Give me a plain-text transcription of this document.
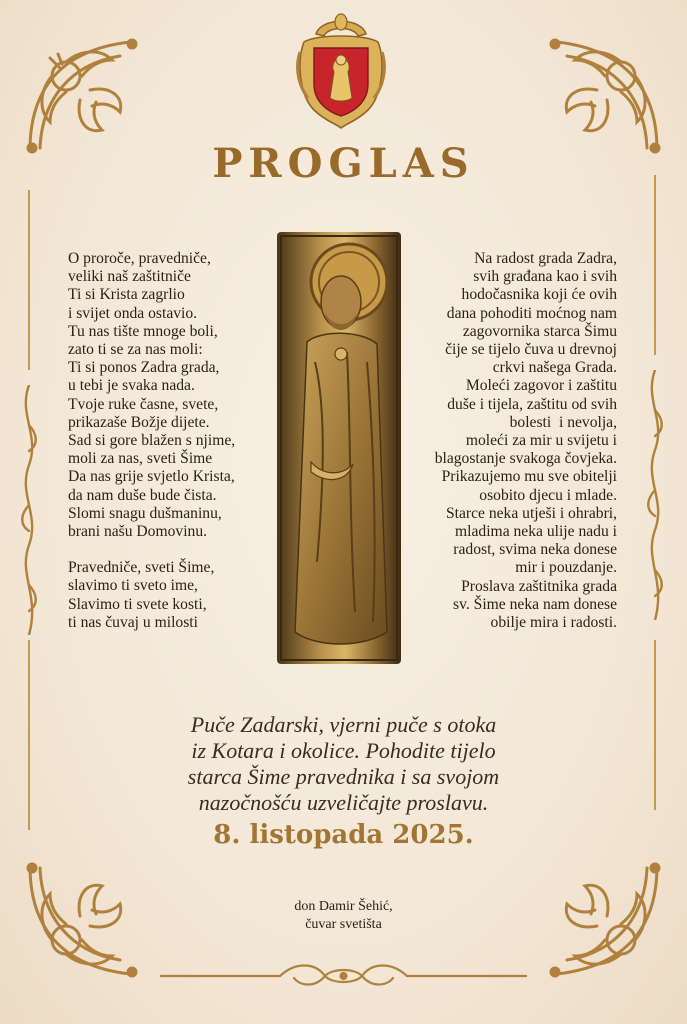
PROGLAS
O proroče, pravedniče,
veliki naš zaštitniče
Ti si Krista zagrlio
i svijet onda ostavio.
Tu nas tište mnoge boli,
zato ti se za nas moli:
Ti si ponos Zadra grada,
u tebi je svaka nada.
Tvoje ruke časne, svete,
prikazaše Božje dijete.
Sad si gore blažen s njime,
moli za nas, sveti Šime
Da nas grije svjetlo Krista,
da nam duše bude čista.
Slomi snagu dušmaninu,
brani našu Domovinu.
Pravedniče, sveti Šime,
slavimo ti sveto ime,
Slavimo ti svete kosti,
ti nas čuvaj u milosti
Na radost grada Zadra,
svih građana kao i svih
hodočasnika koji će ovih
dana pohoditi moćnog nam
zagovornika starca Šimu
čije se tijelo čuva u drevnoj
crkvi našega Grada.
Moleći zagovor i zaštitu
duše i tijela, zaštitu od svih
bolesti  i nevolja,
moleći za mir u svijetu i
blagostanje svakoga čovjeka.
Prikazujemo mu sve obitelji
osobito djecu i mlade.
Starce neka utješi i ohrabri,
mladima neka ulije nadu i
radost, svima neka donese
mir i pouzdanje.
Proslava zaštitnika grada
sv. Šime neka nam donese
obilje mira i radosti.
Puče Zadarski, vjerni puče s otoka
iz Kotara i okolice. Pohodite tijelo
starca Šime pravednika i sa svojom
nazočnošću uzveličajte proslavu.
8. listopada 2025.
don Damir Šehić,
čuvar svetišta
